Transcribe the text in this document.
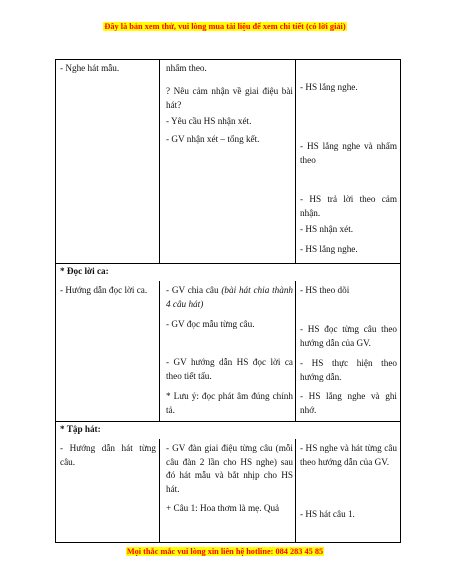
Đây là bản xem thử, vui lòng mua tài liệu để xem chi tiết (có lời giải)

- Nghe hát mẫu.	nhẩm theo.

? Nêu cảm nhận về giai điệu bài hát?

- Yêu cầu HS nhận xét.

- GV nhận xét – tổng kết.

- HS lắng nghe.

- HS lắng nghe và nhẩm theo

- HS trả lời theo cảm nhận.

- HS nhận xét.

- HS lắng nghe.

* Đọc lời ca:

- Hướng dẫn đọc lời ca.	- GV chia câu (bài hát chia thành 4 câu hát)

- GV đọc mẫu từng câu.

- GV hướng dẫn HS đọc lời ca theo tiết tấu.

* Lưu ý: đọc phát âm đúng chính tả.

- HS theo dõi

- HS đọc từng câu theo hướng dẫn của GV.

- HS thực hiện theo hướng dẫn.

- HS lắng nghe và ghi nhớ.

* Tập hát:

- Hướng dẫn hát từng câu.

- GV đàn giai điệu từng câu (mỗi câu đàn 2 lần cho HS nghe) sau đó hát mẫu và bắt nhịp cho HS hát.

+ Câu 1: Hoa thơm là mẹ. Quả

- HS nghe và hát từng câu theo hướng dẫn của GV.

- HS hát câu 1.

Mọi thắc mắc vui lòng xin liên hệ hotline: 084 283 45 85
